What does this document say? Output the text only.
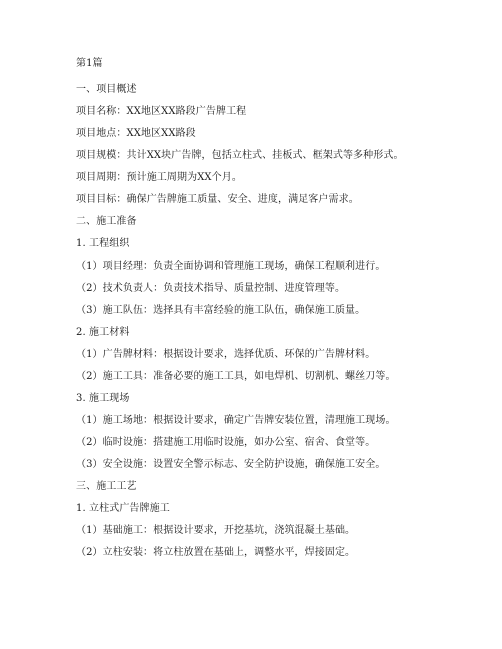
第1篇
一、项目概述
项目名称：XX地区XX路段广告牌工程
项目地点：XX地区XX路段
项目规模：共计XX块广告牌，包括立柱式、挂板式、框架式等多种形式。
项目周期：预计施工周期为XX个月。
项目目标：确保广告牌施工质量、安全、进度，满足客户需求。
二、施工准备
1. 工程组织
（1）项目经理：负责全面协调和管理施工现场，确保工程顺利进行。
（2）技术负责人：负责技术指导、质量控制、进度管理等。
（3）施工队伍：选择具有丰富经验的施工队伍，确保施工质量。
2. 施工材料
（1）广告牌材料：根据设计要求，选择优质、环保的广告牌材料。
（2）施工工具：准备必要的施工工具，如电焊机、切割机、螺丝刀等。
3. 施工现场
（1）施工场地：根据设计要求，确定广告牌安装位置，清理施工现场。
（2）临时设施：搭建施工用临时设施，如办公室、宿舍、食堂等。
（3）安全设施：设置安全警示标志、安全防护设施，确保施工安全。
三、施工工艺
1. 立柱式广告牌施工
（1）基础施工：根据设计要求，开挖基坑，浇筑混凝土基础。
（2）立柱安装：将立柱放置在基础上，调整水平，焊接固定。
